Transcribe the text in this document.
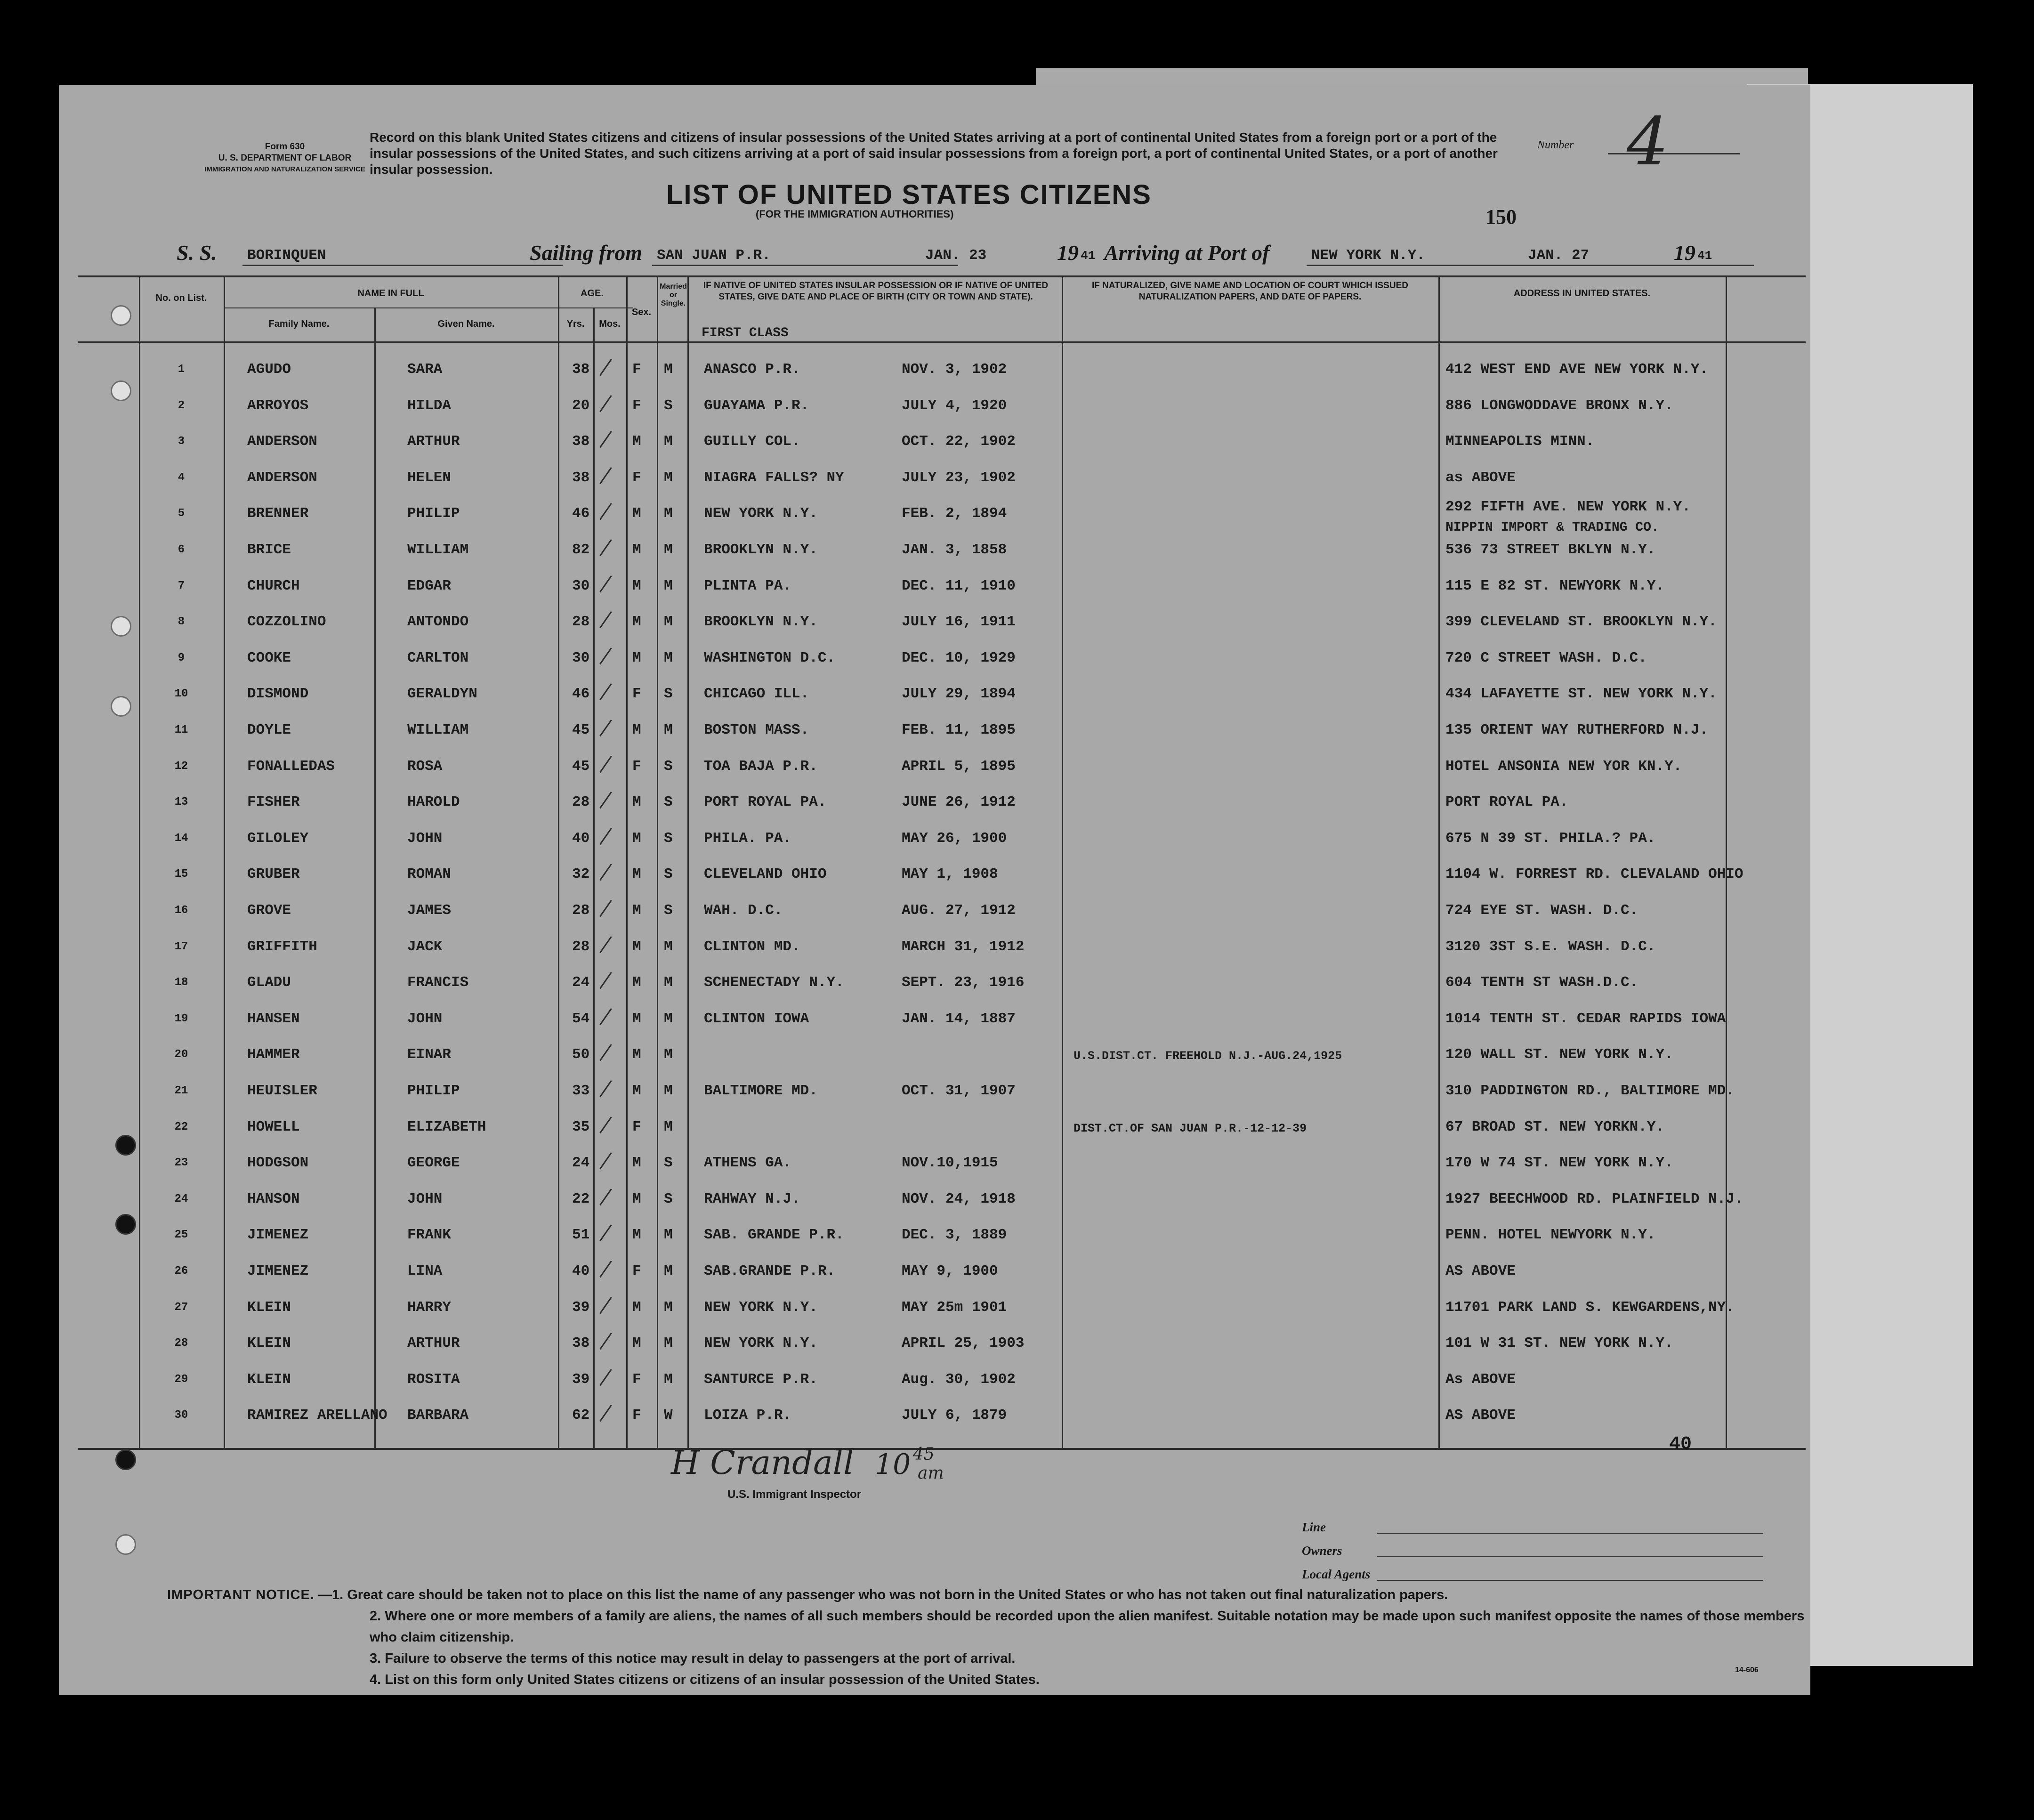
Form 630
U. S. DEPARTMENT OF LABOR
IMMIGRATION AND NATURALIZATION SERVICE
Record on this blank United States citizens and citizens of insular possessions of the United States arriving at a port of continental United States from a foreign port or a port of the insular possessions of the United States, and such citizens arriving at a port of said insular possessions from a foreign port, a port of continental United States, or a port of another insular possession.
Number 4
LIST OF UNITED STATES CITIZENS
(FOR THE IMMIGRATION AUTHORITIES)	150
S. S. BORINQUEN	Sailing from SAN JUAN P.R.	JAN. 23	19 41 Arriving at Port of	NEW YORK N.Y.	JAN. 27	19 41
No. on List.	NAME IN FULL
Family Name.	Given Name.
AGE.
Yrs.	Mos.
Sex.
Married or Single.
IF NATIVE OF UNITED STATES INSULAR POSSESSION OR IF NATIVE OF UNITED STATES, GIVE DATE AND PLACE OF BIRTH (CITY OR TOWN AND STATE).
IF NATURALIZED, GIVE NAME AND LOCATION OF COURT WHICH ISSUED NATURALIZATION PAPERS, AND DATE OF PAPERS.	ADDRESS IN UNITED STATES.
FIRST CLASS
1	AGUDO	SARA	38	F M ANASCO P.R.	NOV. 3, 1902	412 WEST END AVE NEW YORK N.Y.
2	ARROYOS	HILDA	20	F S GUAYAMA P.R.	JULY 4, 1920	886 LONGWODDAVE BRONX N.Y.
3	ANDERSON	ARTHUR	38	M M GUILLY COL.	OCT. 22, 1902	MINNEAPOLIS MINN.
4	ANDERSON	HELEN	38	F M NIAGRA FALLS? NY	JULY 23, 1902	as ABOVE
5	BRENNER	PHILIP	46	M M NEW YORK N.Y.	FEB. 2, 1894	292 FIFTH AVE. NEW YORK N.Y.
NIPPIN IMPORT & TRADING CO.
6	BRICE	WILLIAM	82	M M BROOKLYN N.Y.	JAN. 3, 1858	536 73 STREET BKLYN N.Y.
7	CHURCH	EDGAR	30	M M PLINTA PA.	DEC. 11, 1910	115 E 82 ST. NEWYORK N.Y.
8	COZZOLINO	ANTONDO	28	M M BROOKLYN N.Y.	JULY 16, 1911	399 CLEVELAND ST. BROOKLYN N.Y.
9	COOKE	CARLTON	30	M M WASHINGTON D.C.	DEC. 10, 1929	720 C STREET WASH. D.C.
10	DISMOND	GERALDYN	46	F S CHICAGO ILL.	JULY 29, 1894	434 LAFAYETTE ST. NEW YORK N.Y.
11	DOYLE	WILLIAM	45	M M BOSTON MASS.	FEB. 11, 1895	135 ORIENT WAY RUTHERFORD N.J.
12	FONALLEDAS	ROSA	45	F S TOA BAJA P.R.	APRIL 5, 1895	HOTEL ANSONIA NEW YOR KN.Y.
13	FISHER	HAROLD	28	M S PORT ROYAL PA.	JUNE 26, 1912	PORT ROYAL PA.
14	GILOLEY	JOHN	40	M S PHILA. PA.	MAY 26, 1900	675 N 39 ST. PHILA.? PA.
15	GRUBER	ROMAN	32	M S CLEVELAND OHIO	MAY 1, 1908	1104 W. FORREST RD. CLEVALAND OHIO
16	GROVE	JAMES	28	M S WAH. D.C.	AUG. 27, 1912	724 EYE ST. WASH. D.C.
17	GRIFFITH	JACK	28	M M CLINTON MD.	MARCH 31, 1912	3120 3ST S.E. WASH. D.C.
18	GLADU	FRANCIS	24	M M SCHENECTADY N.Y.	SEPT. 23, 1916	604 TENTH ST WASH.D.C.
19	HANSEN	JOHN	54	M M CLINTON IOWA	JAN. 14, 1887	1014 TENTH ST. CEDAR RAPIDS IOWA
20	HAMMER	EINAR	50	M M	U.S.DIST.CT. FREEHOLD N.J.-AUG.24,1925	120 WALL ST. NEW YORK N.Y.
21	HEUISLER	PHILIP	33	M M BALTIMORE MD.	OCT. 31, 1907	310 PADDINGTON RD., BALTIMORE MD.
22	HOWELL	ELIZABETH	35	F M	DIST.CT.OF SAN JUAN P.R.-12-12-39	67 BROAD ST. NEW YORKN.Y.
23	HODGSON	GEORGE	24	M S ATHENS GA.	NOV.10,1915	170 W 74 ST. NEW YORK N.Y.
24	HANSON	JOHN	22	M S RAHWAY N.J.	NOV. 24, 1918	1927 BEECHWOOD RD. PLAINFIELD N.J.
25	JIMENEZ	FRANK	51	M M SAB. GRANDE P.R.	DEC. 3, 1889	PENN. HOTEL NEWYORK N.Y.
26	JIMENEZ	LINA	40	F M SAB.GRANDE P.R.	MAY 9, 1900	AS ABOVE
27	KLEIN	HARRY	39	M M NEW YORK N.Y.	MAY 25m 1901	11701 PARK LAND S. KEWGARDENS,NY.
28	KLEIN	ARTHUR	38	M M NEW YORK N.Y.	APRIL 25, 1903	101 W 31 ST. NEW YORK N.Y.
29	KLEIN	ROSITA	39	F M SANTURCE P.R.	Aug. 30, 1902	As ABOVE
30	RAMIREZ ARELLANO BARBARA	62	F W LOIZA P.R.	JULY 6, 1879	AS ABOVE
40
H Crandall 10 45 am
U.S. Immigrant Inspector
Line
Owners
Local Agents
IMPORTANT NOTICE. —1. Great care should be taken not to place on this list the name of any passenger who was not born in the United States or who has not taken out final naturalization papers.
2. Where one or more members of a family are aliens, the names of all such members should be recorded upon the alien manifest. Suitable notation may be made upon such manifest opposite the names of those members who claim citizenship.
3. Failure to observe the terms of this notice may result in delay to passengers at the port of arrival.
4. List on this form only United States citizens or citizens of an insular possession of the United States.
14-606
